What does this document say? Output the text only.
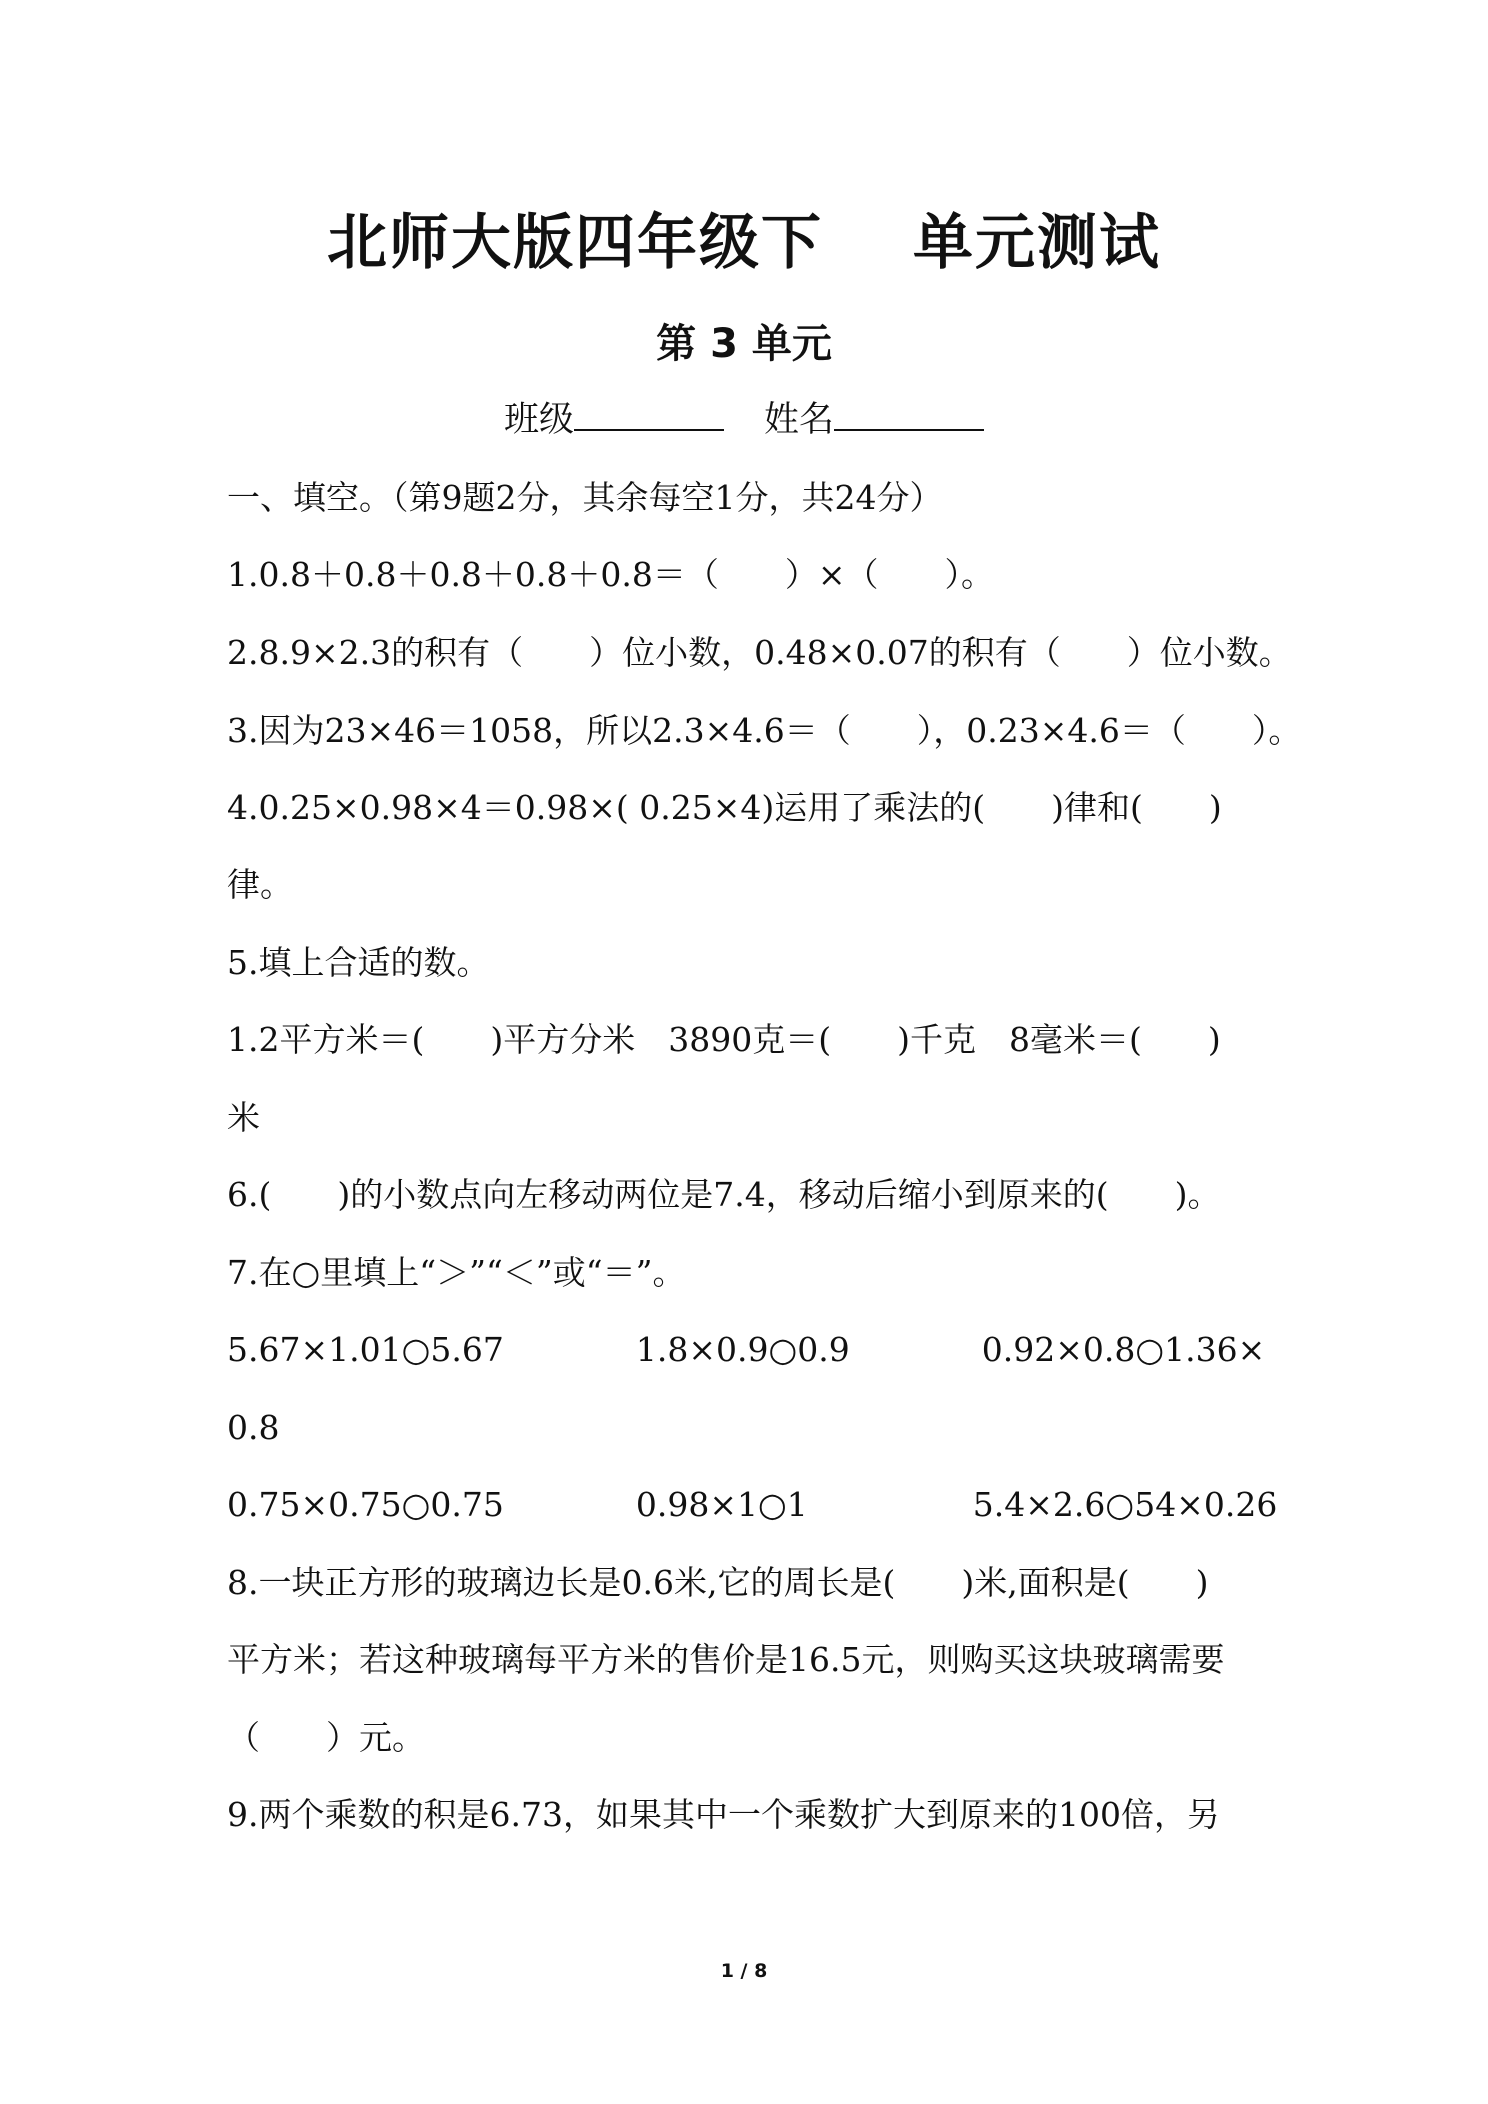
北师大版四年级下 单元测试
第 3 单元
班级	姓名
一、填空。（第9题2分，其余每空1分，共24分）
1.0.8＋0.8＋0.8＋0.8＋0.8＝（　　）×（　　）。
2.8.9×2.3的积有（　　）位小数，0.48×0.07的积有（　　）位小数。
3.因为23×46＝1058，所以2.3×4.6＝（　　），0.23×4.6＝（　　）。
4.0.25×0.98×4＝0.98×( 0.25×4)运用了乘法的(　　)律和(　　)
律。
5.填上合适的数。
1.2平方米＝(　　)平方分米　3890克＝(　　)千克　8毫米＝(　　)
米
6.(　　)的小数点向左移动两位是7.4，移动后缩小到原来的(　　)。
7.在○里填上“＞”“＜”或“＝”。
5.67×1.01○5.67　　　　1.8×0.9○0.9　　　　0.92×0.8○1.36×
0.8
0.75×0.75○0.75　　　　0.98×1○1　　　　　5.4×2.6○54×0.26
8.一块正方形的玻璃边长是0.6米,它的周长是(　　)米,面积是(　　)
平方米；若这种玻璃每平方米的售价是16.5元，则购买这块玻璃需要
（　　）元。
9.两个乘数的积是6.73，如果其中一个乘数扩大到原来的100倍，另
1 / 8
